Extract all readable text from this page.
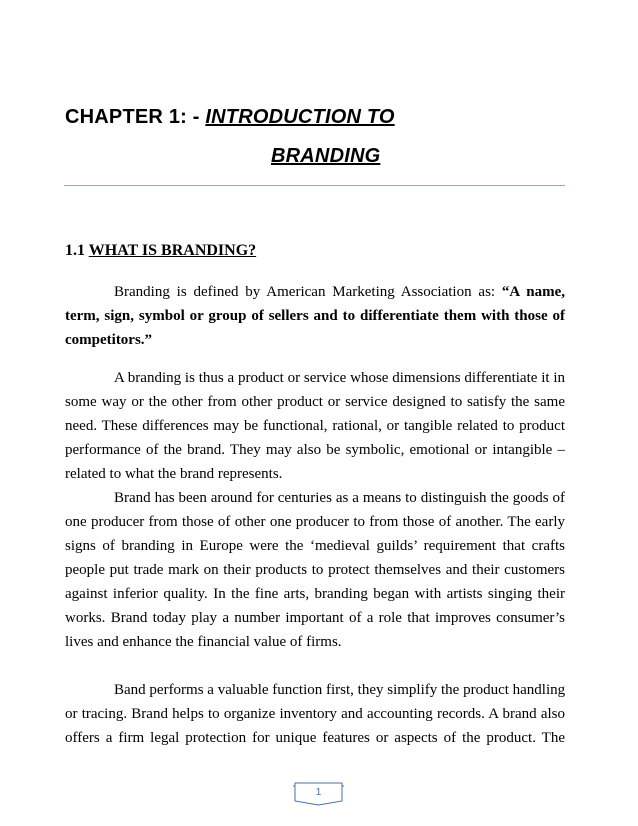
CHAPTER 1: - INTRODUCTION TO
BRANDING
1.1 WHAT IS BRANDING?
Branding is defined by American Marketing Association as: “A name,
term, sign, symbol or group of sellers and to differentiate them with those of
competitors.”
A branding is thus a product or service whose dimensions differentiate it in
some way or the other from other product or service designed to satisfy the same
need. These differences may be functional, rational, or tangible related to product
performance of the brand. They may also be symbolic, emotional or intangible –
related to what the brand represents.
Brand has been around for centuries as a means to distinguish the goods of
one producer from those of other one producer to from those of another. The early
signs of branding in Europe were the ‘medieval guilds’ requirement that crafts
people put trade mark on their products to protect themselves and their customers
against inferior quality. In the fine arts, branding began with artists singing their
works. Brand today play a number important of a role that improves consumer’s
lives and enhance the financial value of firms.
Band performs a valuable function first, they simplify the product handling
or tracing. Brand helps to organize inventory and accounting records. A brand also
offers a firm legal protection for unique features or aspects of the product. The
1
